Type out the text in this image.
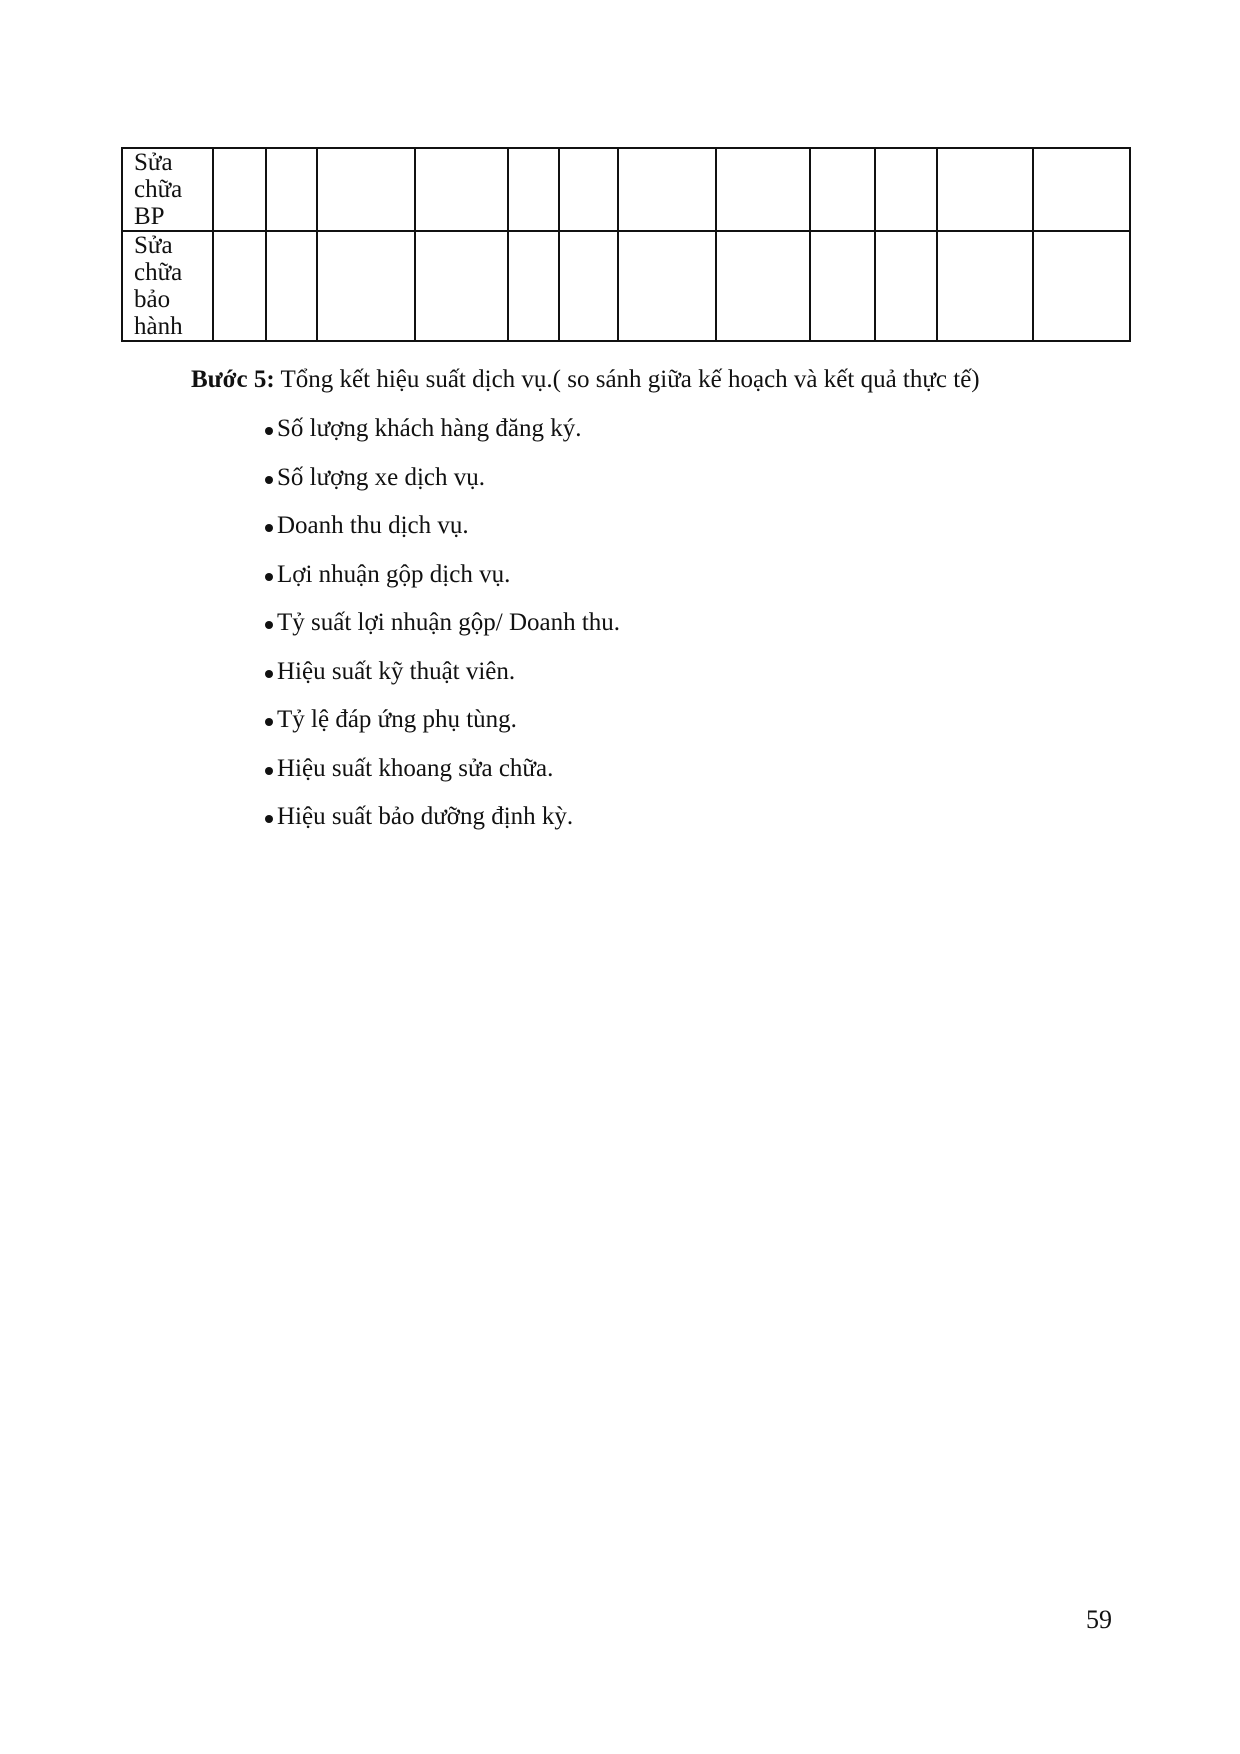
Sửa
chữa
BP												

Sửa
chữa
bảo
hành												

Bước 5: Tổng kết hiệu suất dịch vụ.( so sánh giữa kế hoạch và kết quả thực tế)

Số lượng khách hàng đăng ký.
Số lượng xe dịch vụ.
Doanh thu dịch vụ.
Lợi nhuận gộp dịch vụ.
Tỷ suất lợi nhuận gộp/ Doanh thu.
Hiệu suất kỹ thuật viên.
Tỷ lệ đáp ứng phụ tùng.
Hiệu suất khoang sửa chữa.
Hiệu suất bảo dưỡng định kỳ.
59
